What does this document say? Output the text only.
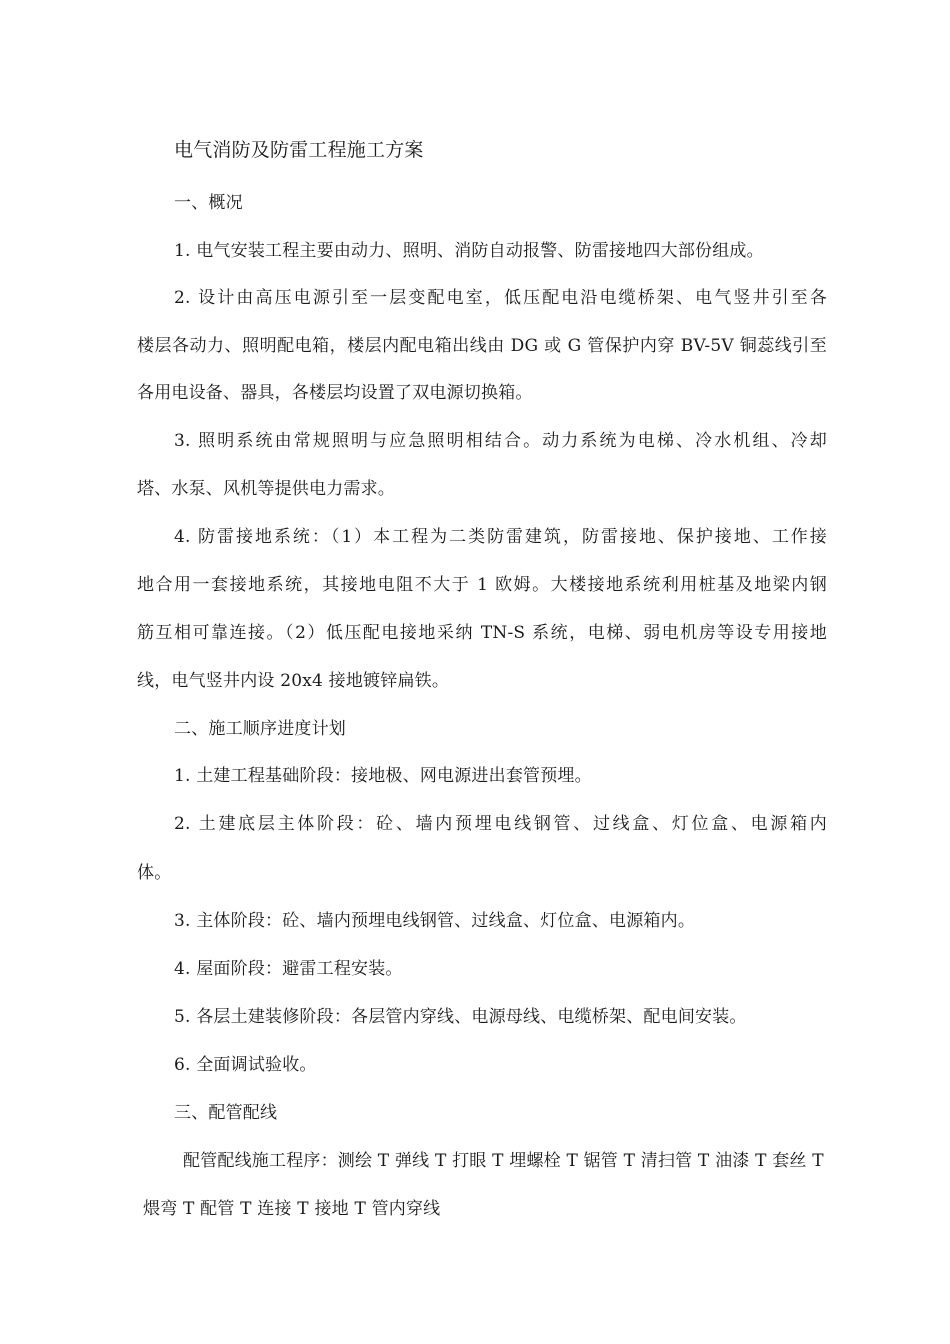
电气消防及防雷工程施工方案
一、概况
1. 电气安装工程主要由动力、照明、消防自动报警、防雷接地四大部份组成。
2. 设计由高压电源引至一层变配电室，低压配电沿电缆桥架、电气竖井引至各
楼层各动力、照明配电箱，楼层内配电箱出线由 DG 或 G 管保护内穿 BV-5V 铜蕊线引至
各用电设备、器具，各楼层均设置了双电源切换箱。
3. 照明系统由常规照明与应急照明相结合。动力系统为电梯、冷水机组、冷却
塔、水泵、风机等提供电力需求。
4. 防雷接地系统：（1）本工程为二类防雷建筑，防雷接地、保护接地、工作接
地合用一套接地系统，其接地电阻不大于 1 欧姆。大楼接地系统利用桩基及地梁内钢
筋互相可靠连接。（2）低压配电接地采纳 TN-S 系统，电梯、弱电机房等设专用接地
线，电气竖井内设 20x4 接地镀锌扁铁。
二、施工顺序进度计划
1. 土建工程基础阶段：接地极、网电源进出套管预埋。
2. 土建底层主体阶段：砼、墙内预埋电线钢管、过线盒、灯位盒、电源箱内
体。
3. 主体阶段：砼、墙内预埋电线钢管、过线盒、灯位盒、电源箱内。
4. 屋面阶段：避雷工程安装。
5. 各层土建装修阶段：各层管内穿线、电源母线、电缆桥架、配电间安装。
6. 全面调试验收。
三、配管配线
配管配线施工程序：测绘 T 弹线 T 打眼 T 埋螺栓 T 锯管 T 清扫管 T 油漆 T 套丝 T
煨弯 T 配管 T 连接 T 接地 T 管内穿线
